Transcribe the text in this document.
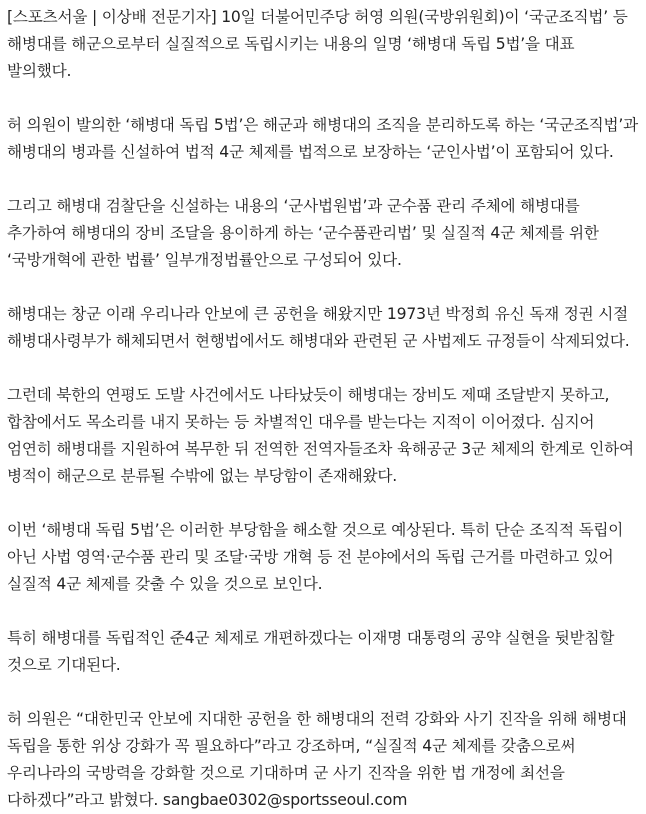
[스포츠서울 | 이상배 전문기자] 10일 더불어민주당 허영 의원(국방위원회)이 ‘국군조직법’ 등 해병대를 해군으로부터 실질적으로 독립시키는 내용의 일명 ‘해병대 독립 5법’을 대표 발의했다.

허 의원이 발의한 ‘해병대 독립 5법’은 해군과 해병대의 조직을 분리하도록 하는 ‘국군조직법’과 해병대의 병과를 신설하여 법적 4군 체제를 법적으로 보장하는 ‘군인사법’이 포함되어 있다.

그리고 해병대 검찰단을 신설하는 내용의 ‘군사법원법’과 군수품 관리 주체에 해병대를 추가하여 해병대의 장비 조달을 용이하게 하는 ‘군수품관리법’ 및 실질적 4군 체제를 위한 ‘국방개혁에 관한 법률’ 일부개정법률안으로 구성되어 있다.

해병대는 창군 이래 우리나라 안보에 큰 공헌을 해왔지만 1973년 박정희 유신 독재 정권 시절 해병대사령부가 해체되면서 현행법에서도 해병대와 관련된 군 사법제도 규정들이 삭제되었다.

그런데 북한의 연평도 도발 사건에서도 나타났듯이 해병대는 장비도 제때 조달받지 못하고, 합참에서도 목소리를 내지 못하는 등 차별적인 대우를 받는다는 지적이 이어졌다. 심지어 엄연히 해병대를 지원하여 복무한 뒤 전역한 전역자들조차 육해공군 3군 체제의 한계로 인하여 병적이 해군으로 분류될 수밖에 없는 부당함이 존재해왔다.

이번 ‘해병대 독립 5법’은 이러한 부당함을 해소할 것으로 예상된다. 특히 단순 조직적 독립이 아닌 사법 영역·군수품 관리 및 조달·국방 개혁 등 전 분야에서의 독립 근거를 마련하고 있어 실질적 4군 체제를 갖출 수 있을 것으로 보인다.

특히 해병대를 독립적인 준4군 체제로 개편하겠다는 이재명 대통령의 공약 실현을 뒷받침할 것으로 기대된다.

허 의원은 “대한민국 안보에 지대한 공헌을 한 해병대의 전력 강화와 사기 진작을 위해 해병대 독립을 통한 위상 강화가 꼭 필요하다”라고 강조하며, “실질적 4군 체제를 갖춤으로써 우리나라의 국방력을 강화할 것으로 기대하며 군 사기 진작을 위한 법 개정에 최선을 다하겠다”라고 밝혔다. sangbae0302@sportsseoul.com
